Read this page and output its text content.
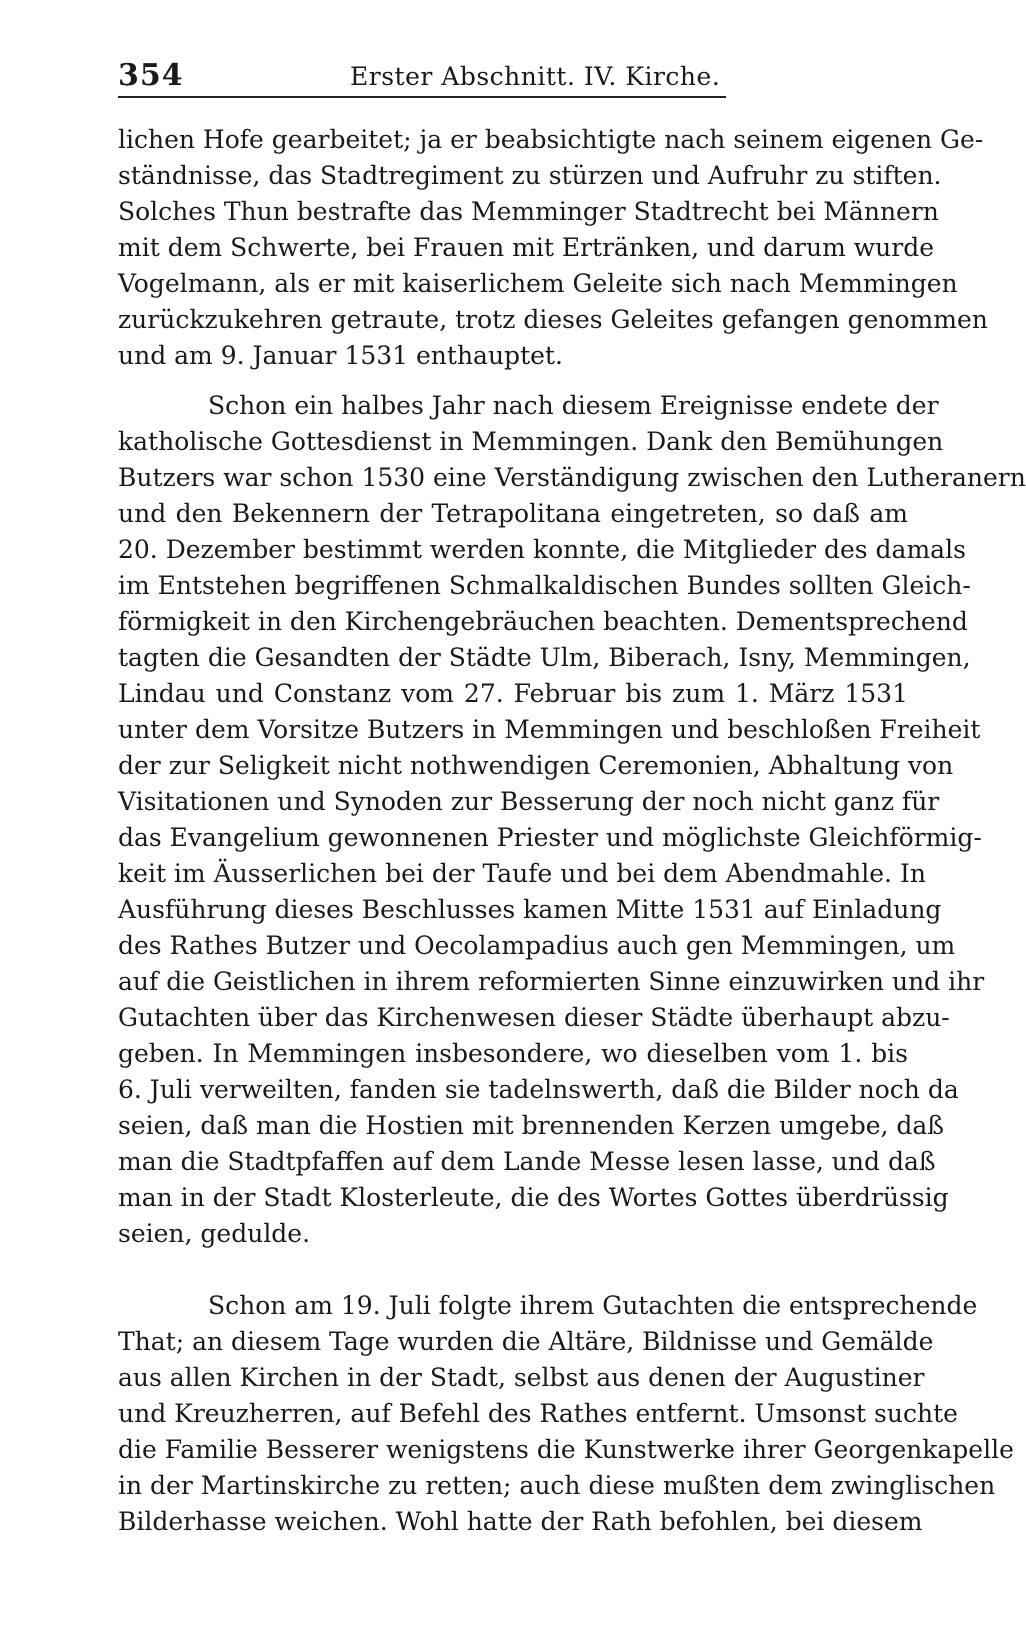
354	Erster Abschnitt. IV. Kirche.
lichen Hofe gearbeitet; ja er beabsichtigte nach seinem eigenen Ge-
ständnisse, das Stadtregiment zu stürzen und Aufruhr zu stiften.
Solches Thun bestrafte das Memminger Stadtrecht bei Männern
mit dem Schwerte, bei Frauen mit Ertränken, und darum wurde
Vogelmann, als er mit kaiserlichem Geleite sich nach Memmingen
zurückzukehren getraute, trotz dieses Geleites gefangen genommen
und am 9. Januar 1531 enthauptet.
Schon ein halbes Jahr nach diesem Ereignisse endete der
katholische Gottesdienst in Memmingen. Dank den Bemühungen
Butzers war schon 1530 eine Verständigung zwischen den Lutheranern
und den Bekennern der Tetrapolitana eingetreten, so daß am
20. Dezember bestimmt werden konnte, die Mitglieder des damals
im Entstehen begriffenen Schmalkaldischen Bundes sollten Gleich-
förmigkeit in den Kirchengebräuchen beachten. Dementsprechend
tagten die Gesandten der Städte Ulm, Biberach, Isny, Memmingen,
Lindau und Constanz vom 27. Februar bis zum 1. März 1531
unter dem Vorsitze Butzers in Memmingen und beschloßen Freiheit
der zur Seligkeit nicht nothwendigen Ceremonien, Abhaltung von
Visitationen und Synoden zur Besserung der noch nicht ganz für
das Evangelium gewonnenen Priester und möglichste Gleichförmig-
keit im Äusserlichen bei der Taufe und bei dem Abendmahle. In
Ausführung dieses Beschlusses kamen Mitte 1531 auf Einladung
des Rathes Butzer und Oecolampadius auch gen Memmingen, um
auf die Geistlichen in ihrem reformierten Sinne einzuwirken und ihr
Gutachten über das Kirchenwesen dieser Städte überhaupt abzu-
geben. In Memmingen insbesondere, wo dieselben vom 1. bis
6. Juli verweilten, fanden sie tadelnswerth, daß die Bilder noch da
seien, daß man die Hostien mit brennenden Kerzen umgebe, daß
man die Stadtpfaffen auf dem Lande Messe lesen lasse, und daß
man in der Stadt Klosterleute, die des Wortes Gottes überdrüssig
seien, gedulde.
Schon am 19. Juli folgte ihrem Gutachten die entsprechende
That; an diesem Tage wurden die Altäre, Bildnisse und Gemälde
aus allen Kirchen in der Stadt, selbst aus denen der Augustiner
und Kreuzherren, auf Befehl des Rathes entfernt. Umsonst suchte
die Familie Besserer wenigstens die Kunstwerke ihrer Georgenkapelle
in der Martinskirche zu retten; auch diese mußten dem zwinglischen
Bilderhasse weichen. Wohl hatte der Rath befohlen, bei diesem
